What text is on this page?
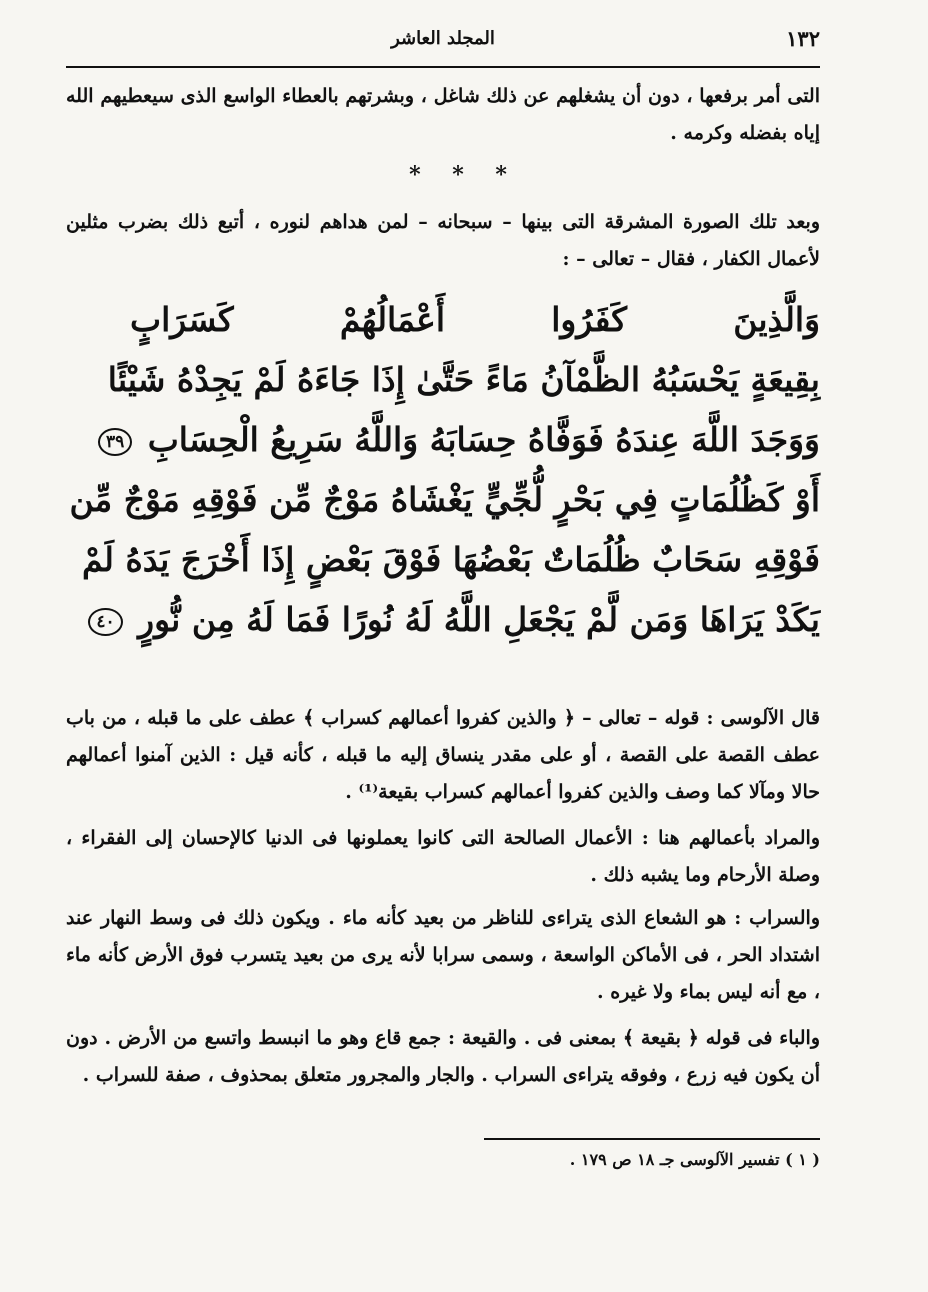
١٣٢
المجلد العاشر
التى أمر برفعها ، دون أن يشغلهم عن ذلك شاغل ، وبشرتهم بالعطاء الواسع الذى سيعطيهم الله إياه بفضله وكرمه .
* * *
وبعد تلك الصورة المشرقة التى بينها – سبحانه – لمن هداهم لنوره ، أتبع ذلك بضرب مثلين لأعمال الكفار ، فقال – تعالى – :
وَالَّذِينَ كَفَرُوا أَعْمَالُهُمْ كَسَرَابٍ
بِقِيعَةٍ يَحْسَبُهُ الظَّمْآنُ مَاءً حَتَّىٰ إِذَا جَاءَهُ لَمْ يَجِدْهُ شَيْئًا
وَوَجَدَ اللَّهَ عِندَهُ فَوَفَّاهُ حِسَابَهُ وَاللَّهُ سَرِيعُ الْحِسَابِ ٣٩
أَوْ كَظُلُمَاتٍ فِي بَحْرٍ لُّجِّيٍّ يَغْشَاهُ مَوْجٌ مِّن فَوْقِهِ مَوْجٌ مِّن
فَوْقِهِ سَحَابٌ ظُلُمَاتٌ بَعْضُهَا فَوْقَ بَعْضٍ إِذَا أَخْرَجَ يَدَهُ لَمْ
يَكَدْ يَرَاهَا وَمَن لَّمْ يَجْعَلِ اللَّهُ لَهُ نُورًا فَمَا لَهُ مِن نُّورٍ ٤٠
قال الآلوسى : قوله – تعالى – ﴿ والذين كفروا أعمالهم كسراب ﴾ عطف على ما قبله ، من باب عطف القصة على القصة ، أو على مقدر ينساق إليه ما قبله ، كأنه قيل : الذين آمنوا أعمالهم حالا ومآلا كما وصف والذين كفروا أعمالهم كسراب بقيعة⁽¹⁾ .
والمراد بأعمالهم هنا : الأعمال الصالحة التى كانوا يعملونها فى الدنيا كالإحسان إلى الفقراء ، وصلة الأرحام وما يشبه ذلك .
والسراب : هو الشعاع الذى يتراءى للناظر من بعيد كأنه ماء . ويكون ذلك فى وسط النهار عند اشتداد الحر ، فى الأماكن الواسعة ، وسمى سرابا لأنه يرى من بعيد يتسرب فوق الأرض كأنه ماء ، مع أنه ليس بماء ولا غيره .
والباء فى قوله ﴿ بقيعة ﴾ بمعنى فى . والقيعة : جمع قاع وهو ما انبسط واتسع من الأرض . دون أن يكون فيه زرع ، وفوقه يتراءى السراب . والجار والمجرور متعلق بمحذوف ، صفة للسراب .
( ١ ) تفسير الآلوسى جـ ١٨ ص ١٧٩ .
